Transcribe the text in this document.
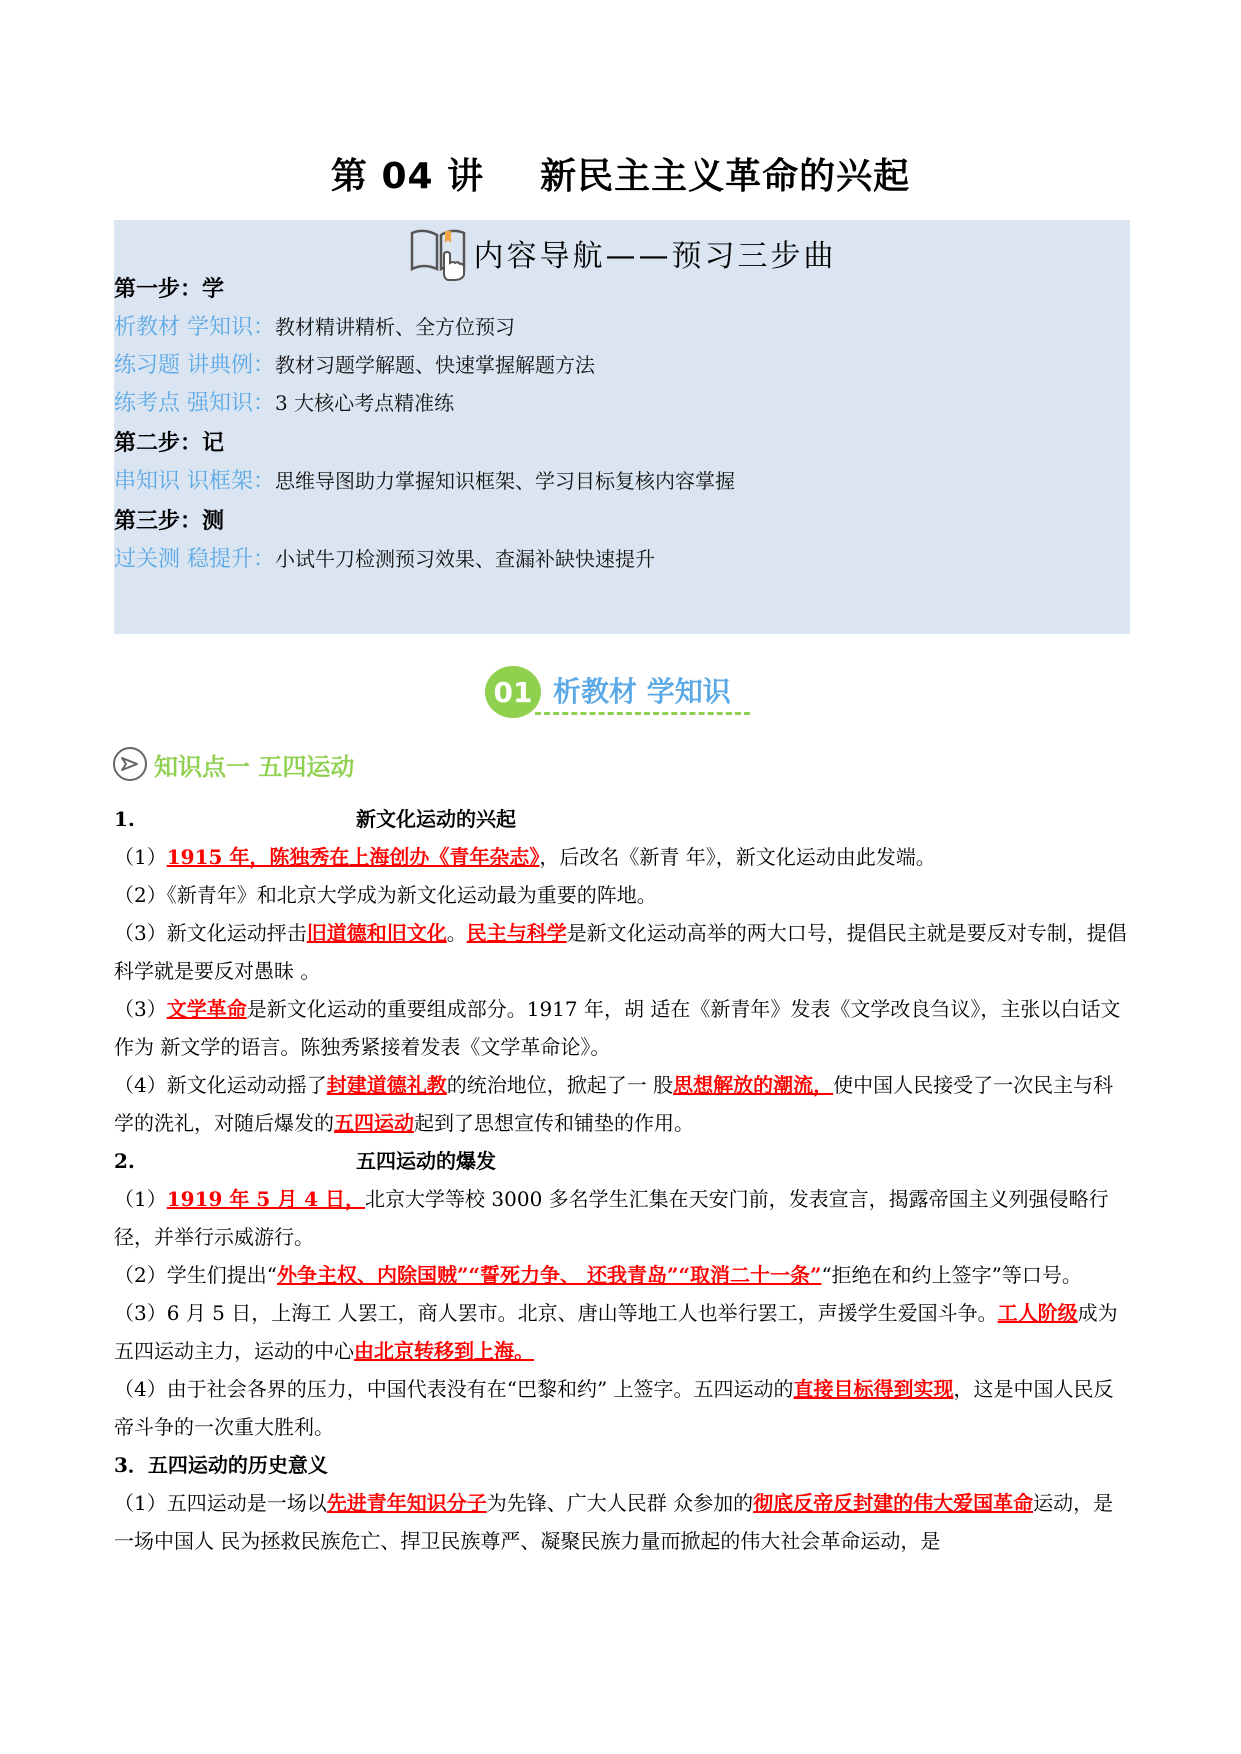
第 04 讲 新民主主义革命的兴起
内容导航——预习三步曲
第一步：学
析教材 学知识：教材精讲精析、全方位预习
练习题 讲典例：教材习题学解题、快速掌握解题方法
练考点 强知识：3 大核心考点精准练
第二步：记
串知识 识框架：思维导图助力掌握知识框架、学习目标复核内容掌握
第三步：测
过关测 稳提升：小试牛刀检测预习效果、查漏补缺快速提升
01 析教材 学知识
知识点一 五四运动

1.	新文化运动的兴起

（1）1915 年，陈独秀在上海创办《青年杂志》，后改名《新青 年》，新文化运动由此发端。

（2）《新青年》和北京大学成为新文化运动最为重要的阵地。

（3）新文化运动抨击旧道德和旧文化。民主与科学是新文化运动高举的两大口号，提倡民主就是要反对专制，提倡科学就是要反对愚昧 。

（3）文学革命是新文化运动的重要组成部分。1917 年，胡 适在《新青年》发表《文学改良刍议》，主张以白话文作为 新文学的语言。陈独秀紧接着发表《文学革命论》。

（4）新文化运动动摇了封建道德礼教的统治地位，掀起了一 股思想解放的潮流，使中国人民接受了一次民主与科学的洗礼，对随后爆发的五四运动起到了思想宣传和铺垫的作用。

2.	五四运动的爆发

（1）1919 年 5 月 4 日，北京大学等校 3000 多名学生汇集在天安门前，发表宣言，揭露帝国主义列强侵略行径，并举行示威游行。

（2）学生们提出“外争主权、内除国贼”“誓死力争、 还我青岛”“取消二十一条”“拒绝在和约上签字”等口号。

（3）6 月 5 日，上海工 人罢工，商人罢市。北京、唐山等地工人也举行罢工，声援学生爱国斗争。工人阶级成为五四运动主力，运动的中心由北京转移到上海。

（4）由于社会各界的压力，中国代表没有在“巴黎和约” 上签字。五四运动的直接目标得到实现，这是中国人民反帝斗争的一次重大胜利。

3．五四运动的历史意义

（1）五四运动是一场以先进青年知识分子为先锋、广大人民群 众参加的彻底反帝反封建的伟大爱国革命运动，是一场中国人 民为拯救民族危亡、捍卫民族尊严、凝聚民族力量而掀起的伟大社会革命运动，是
